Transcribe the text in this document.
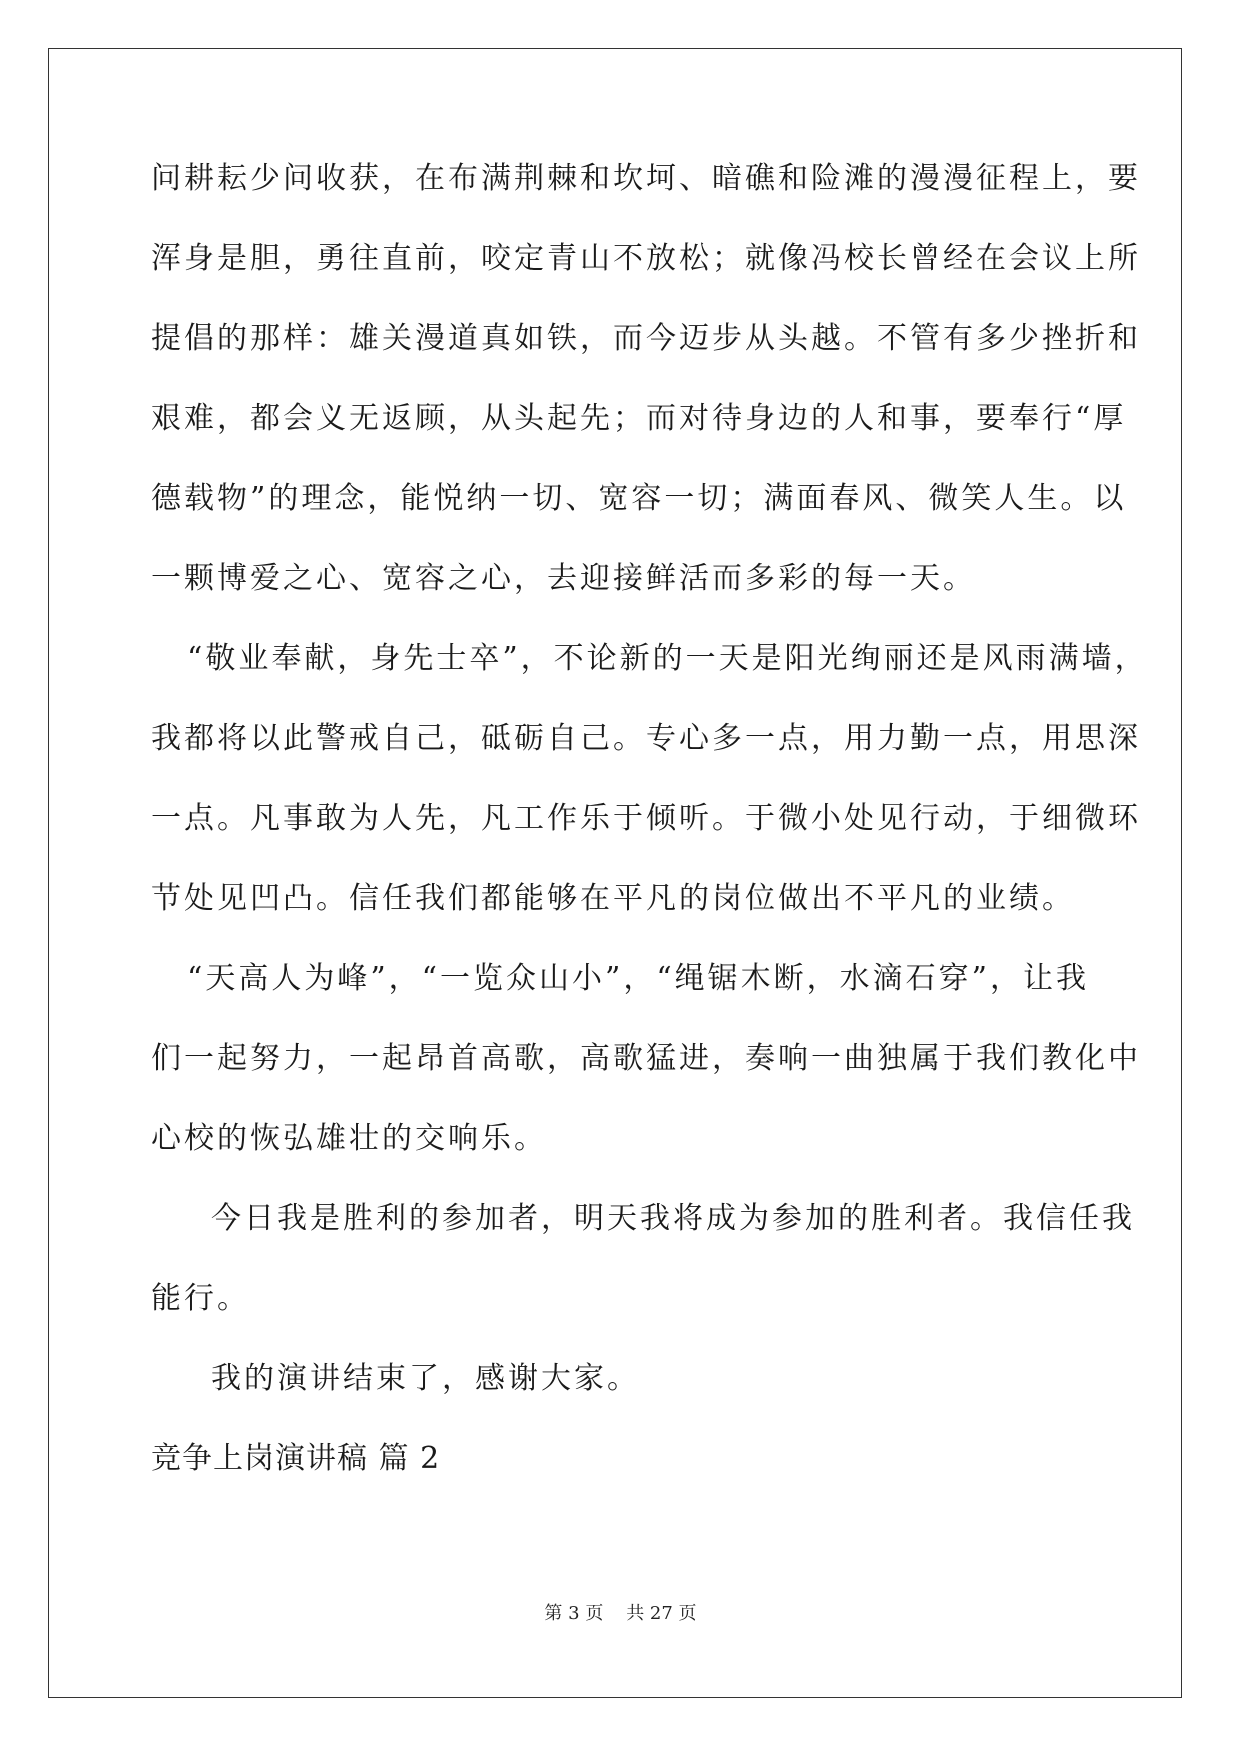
问耕耘少问收获，在布满荆棘和坎坷、暗礁和险滩的漫漫征程上，要
浑身是胆，勇往直前，咬定青山不放松；就像冯校长曾经在会议上所
提倡的那样：雄关漫道真如铁，而今迈步从头越。不管有多少挫折和
艰难，都会义无返顾，从头起先；而对待身边的人和事，要奉行“厚
德载物”的理念，能悦纳一切、宽容一切；满面春风、微笑人生。以
一颗博爱之心、宽容之心，去迎接鲜活而多彩的每一天。
“敬业奉献，身先士卒”，不论新的一天是阳光绚丽还是风雨满墙，
我都将以此警戒自己，砥砺自己。专心多一点，用力勤一点，用思深
一点。凡事敢为人先，凡工作乐于倾听。于微小处见行动，于细微环
节处见凹凸。信任我们都能够在平凡的岗位做出不平凡的业绩。
“天高人为峰”，“一览众山小”，“绳锯木断，水滴石穿”，让我
们一起努力，一起昂首高歌，高歌猛进，奏响一曲独属于我们教化中
心校的恢弘雄壮的交响乐。
今日我是胜利的参加者，明天我将成为参加的胜利者。我信任我
能行。
我的演讲结束了，感谢大家。
竞争上岗演讲稿 篇 2
第 3 页    共 27 页
